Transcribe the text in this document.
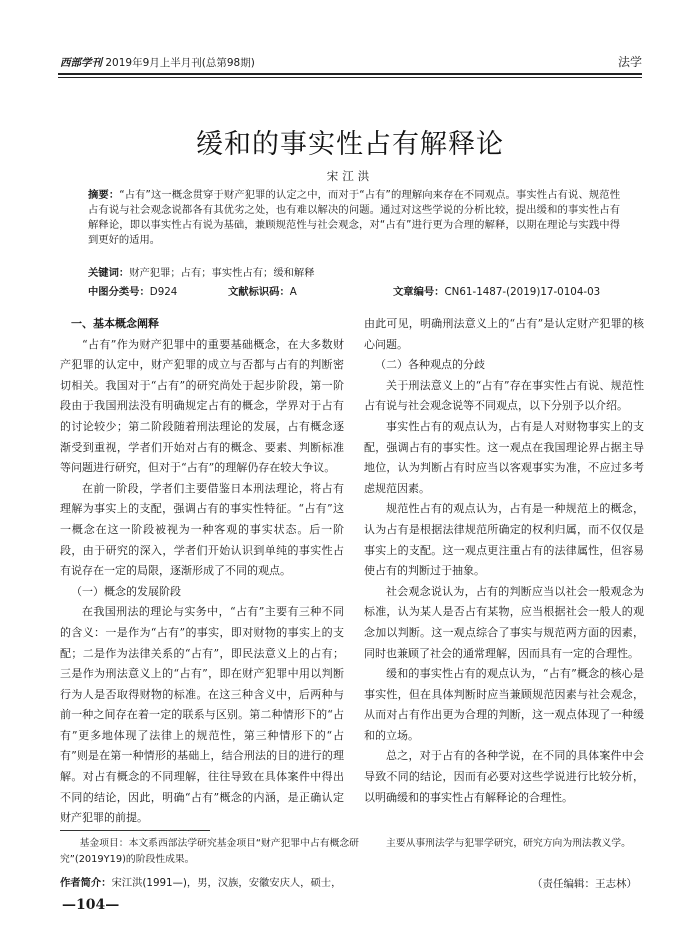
西部学刊 2019年9月上半月刊(总第98期)	法学
缓和的事实性占有解释论
宋江洪
摘要：“占有”这一概念贯穿于财产犯罪的认定之中，而对于“占有”的理解向来存在不同观点。事实性占有说、规范性占有说与社会观念说都各有其优劣之处，也有难以解决的问题。通过对这些学说的分析比较，提出缓和的事实性占有解释论，即以事实性占有说为基础，兼顾规范性与社会观念，对“占有”进行更为合理的解释，以期在理论与实践中得到更好的适用。
关键词：财产犯罪；占有；事实性占有；缓和解释
中图分类号：D924	文献标识码：A	文章编号：CN61-1487-(2019)17-0104-03

一、基本概念阐释

“占有”作为财产犯罪中的重要基础概念，在大多数财产犯罪的认定中，财产犯罪的成立与否都与占有的判断密切相关。我国对于“占有”的研究尚处于起步阶段，第一阶段由于我国刑法没有明确规定占有的概念，学界对于占有的讨论较少；第二阶段随着刑法理论的发展，占有概念逐渐受到重视，学者们开始对占有的概念、要素、判断标准等问题进行研究，但对于“占有”的理解仍存在较大争议。

在前一阶段，学者们主要借鉴日本刑法理论，将占有理解为事实上的支配，强调占有的事实性特征。“占有”这一概念在这一阶段被视为一种客观的事实状态。后一阶段，由于研究的深入，学者们开始认识到单纯的事实性占有说存在一定的局限，逐渐形成了不同的观点。

（一）概念的发展阶段

在我国刑法的理论与实务中，“占有”主要有三种不同的含义：一是作为“占有”的事实，即对财物的事实上的支配；二是作为法律关系的“占有”，即民法意义上的占有；三是作为刑法意义上的“占有”，即在财产犯罪中用以判断行为人是否取得财物的标准。在这三种含义中，后两种与前一种之间存在着一定的联系与区别。第二种情形下的“占有”更多地体现了法律上的规范性，第三种情形下的“占有”则是在第一种情形的基础上，结合刑法的目的进行的理解。对占有概念的不同理解，往往导致在具体案件中得出不同的结论，因此，明确“占有”概念的内涵，是正确认定财产犯罪的前提。

由此可见，明确刑法意义上的“占有”是认定财产犯罪的核心问题。

（二）各种观点的分歧

关于刑法意义上的“占有”存在事实性占有说、规范性占有说与社会观念说等不同观点，以下分别予以介绍。

事实性占有的观点认为，占有是人对财物事实上的支配，强调占有的事实性。这一观点在我国理论界占据主导地位，认为判断占有时应当以客观事实为准，不应过多考虑规范因素。

规范性占有的观点认为，占有是一种规范上的概念，认为占有是根据法律规范所确定的权利归属，而不仅仅是事实上的支配。这一观点更注重占有的法律属性，但容易使占有的判断过于抽象。

社会观念说认为，占有的判断应当以社会一般观念为标准，认为某人是否占有某物，应当根据社会一般人的观念加以判断。这一观点综合了事实与规范两方面的因素，同时也兼顾了社会的通常理解，因而具有一定的合理性。

缓和的事实性占有的观点认为，“占有”概念的核心是事实性，但在具体判断时应当兼顾规范因素与社会观念，从而对占有作出更为合理的判断，这一观点体现了一种缓和的立场。

总之，对于占有的各种学说，在不同的具体案件中会导致不同的结论，因而有必要对这些学说进行比较分析，以明确缓和的事实性占有解释论的合理性。

基金项目：本文系西部法学研究基金项目“财产犯罪中占有概念研究”(2019Y19)的阶段性成果。
作者简介：宋江洪(1991—)，男，汉族，安徽安庆人，硕士，
主要从事刑法学与犯罪学研究，研究方向为刑法教义学。
（责任编辑：王志林）
—104—
